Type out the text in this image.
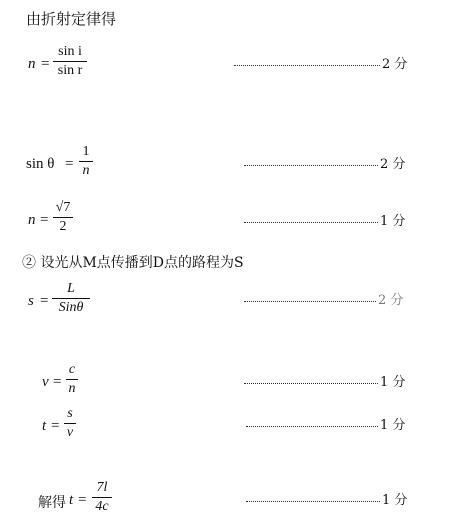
由折射定律得
n =
sin i
sin r	2 分
sin θ =
1
n	2 分
n =
√7
2	1 分
② 设光从M点传播到D点的路程为S
s =
L
Sinθ	2 分
v =
c
n	1 分
t =
s
v	1 分
解得 t =
7l
4c	1 分
